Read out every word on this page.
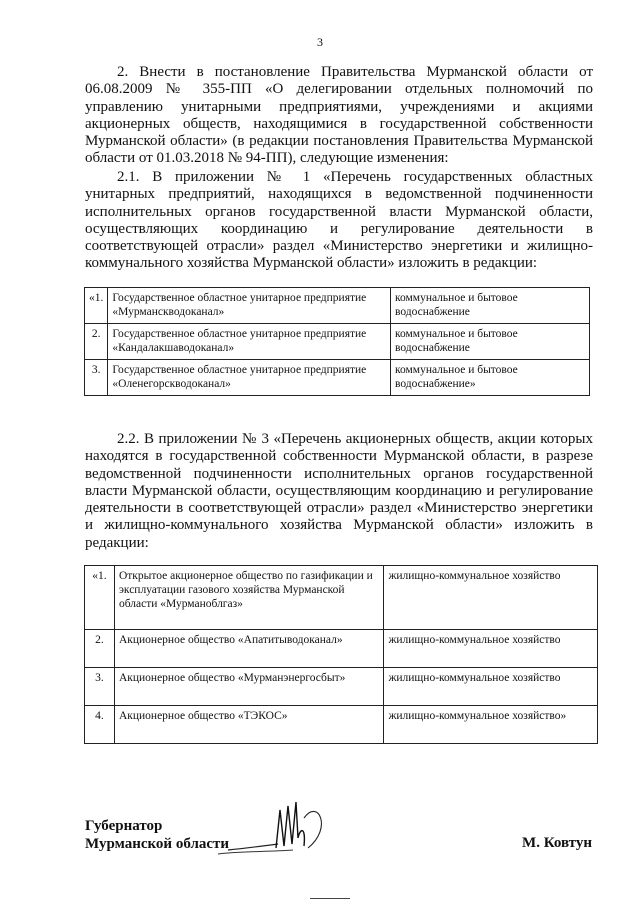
3

2. Внести в постановление Правительства Мурманской области от 06.08.2009 № 355-ПП «О делегировании отдельных полномочий по управлению унитарными предприятиями, учреждениями и акциями акционерных обществ, находящимися в государственной собственности Мурманской области» (в редакции постановления Правительства Мурманской области от 01.03.2018 № 94-ПП), следующие изменения:

2.1. В приложении № 1 «Перечень государственных областных унитарных предприятий, находящихся в ведомственной подчиненности исполнительных органов государственной власти Мурманской области, осуществляющих координацию и регулирование деятельности в соответствующей отрасли» раздел «Министерство энергетики и жилищно-коммунального хозяйства Мурманской области» изложить в редакции:

«1.	Государственное областное унитарное предприятие «Мурманскводоканал»	коммунальное и бытовое водоснабжение
2.	Государственное областное унитарное предприятие «Кандалакшаводоканал»	коммунальное и бытовое водоснабжение
3.	Государственное областное унитарное предприятие «Оленегорскводоканал»	коммунальное и бытовое водоснабжение»

2.2. В приложении № 3 «Перечень акционерных обществ, акции которых находятся в государственной собственности Мурманской области, в разрезе ведомственной подчиненности исполнительных органов государственной власти Мурманской области, осуществляющим координацию и регулирование деятельности в соответствующей отрасли» раздел «Министерство энергетики и жилищно-коммунального хозяйства Мурманской области» изложить в редакции:

«1.	Открытое акционерное общество по газификации и эксплуатации газового хозяйства Мурманской области «Мурманоблгаз»	жилищно-коммунальное хозяйство
2.	Акционерное общество «Апатитыводоканал»	жилищно-коммунальное хозяйство
3.	Акционерное общество «Мурманэнергосбыт»	жилищно-коммунальное хозяйство
4.	Акционерное общество «ТЭКОС»	жилищно-коммунальное хозяйство»
Губернатор
Мурманской области	М. Ковтун
